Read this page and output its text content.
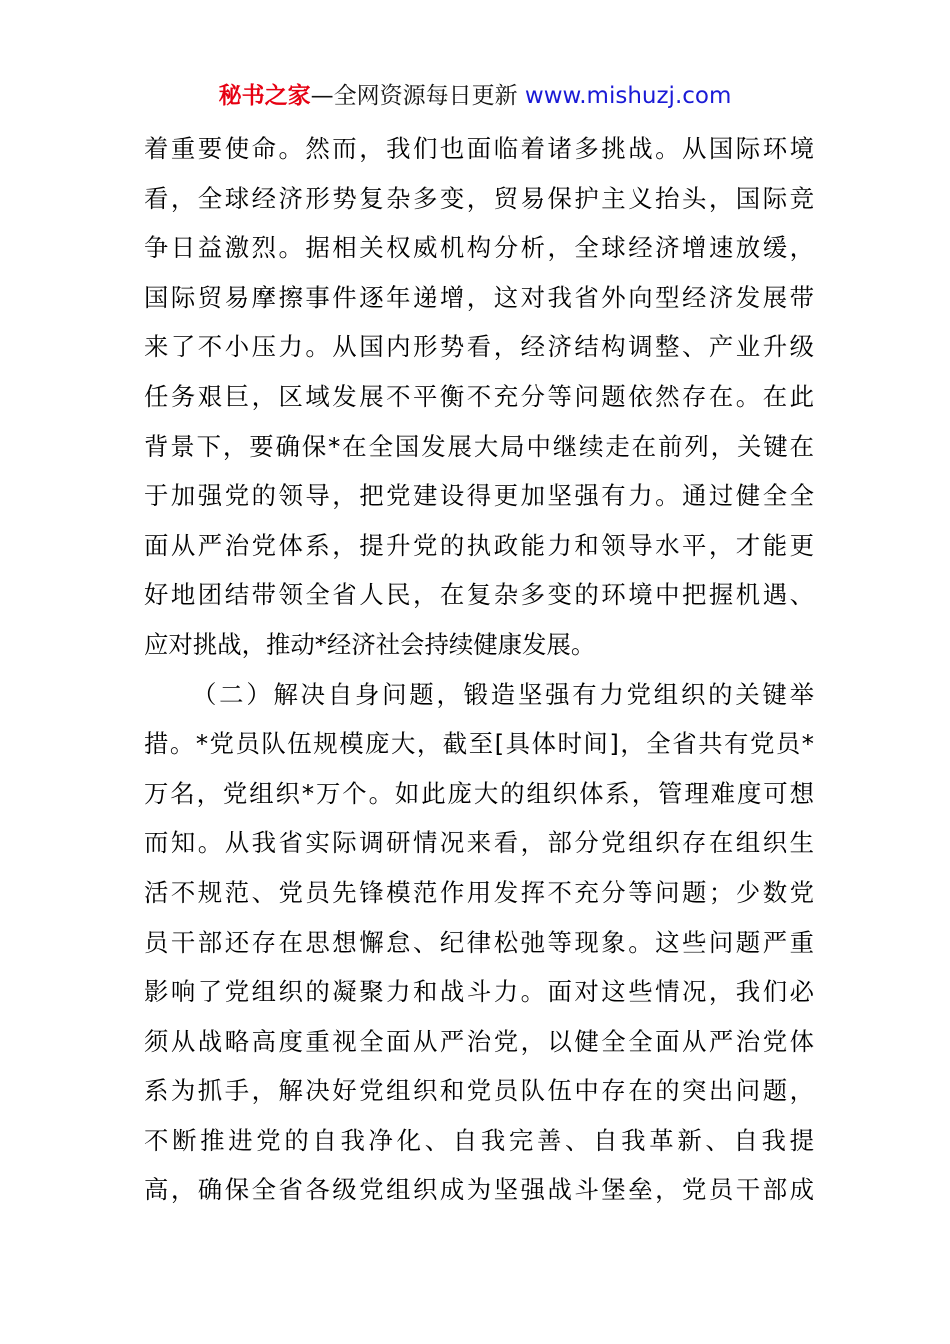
秘书之家—全网资源每日更新 www.mishuzj.com
着重要使命。然而，我们也面临着诸多挑战。从国际环境
看，全球经济形势复杂多变，贸易保护主义抬头，国际竞
争日益激烈。据相关权威机构分析，全球经济增速放缓，
国际贸易摩擦事件逐年递增，这对我省外向型经济发展带
来了不小压力。从国内形势看，经济结构调整、产业升级
任务艰巨，区域发展不平衡不充分等问题依然存在。在此
背景下，要确保*在全国发展大局中继续走在前列，关键在
于加强党的领导，把党建设得更加坚强有力。通过健全全
面从严治党体系，提升党的执政能力和领导水平，才能更
好地团结带领全省人民，在复杂多变的环境中把握机遇、
应对挑战，推动*经济社会持续健康发展。
（二）解决自身问题，锻造坚强有力党组织的关键举
措。*党员队伍规模庞大，截至[具体时间]，全省共有党员*
万名，党组织*万个。如此庞大的组织体系，管理难度可想
而知。从我省实际调研情况来看，部分党组织存在组织生
活不规范、党员先锋模范作用发挥不充分等问题；少数党
员干部还存在思想懈怠、纪律松弛等现象。这些问题严重
影响了党组织的凝聚力和战斗力。面对这些情况，我们必
须从战略高度重视全面从严治党，以健全全面从严治党体
系为抓手，解决好党组织和党员队伍中存在的突出问题，
不断推进党的自我净化、自我完善、自我革新、自我提
高，确保全省各级党组织成为坚强战斗堡垒，党员干部成
